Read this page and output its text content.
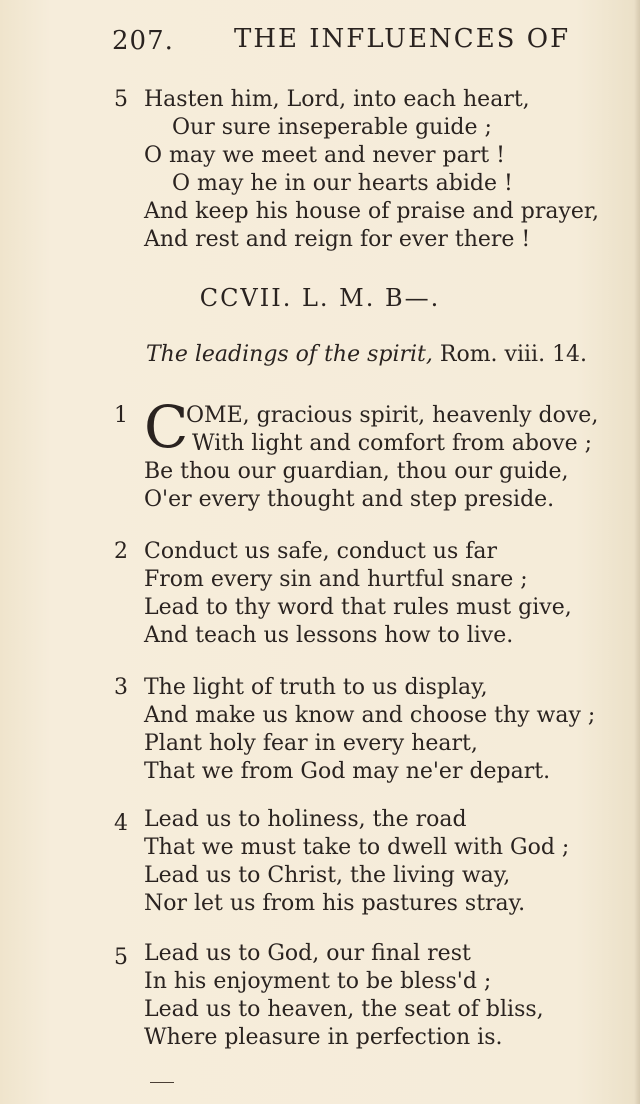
207. THE INFLUENCES OF
5 Hasten him, Lord, into each heart,
Our sure inseperable guide ;
O may we meet and never part !
O may he in our hearts abide !
And keep his house of praise and prayer,
And rest and reign for ever there !
CCVII. L. M. B—.
The leadings of the spirit, Rom. viii. 14.
1 C
OME, gracious spirit, heavenly dove,
With light and comfort from above ;
Be thou our guardian, thou our guide,
O'er every thought and step preside.
2 Conduct us safe, conduct us far
From every sin and hurtful snare ;
Lead to thy word that rules must give,
And teach us lessons how to live.
3 The light of truth to us display,
And make us know and choose thy way ;
Plant holy fear in every heart,
That we from God may ne'er depart.
4 Lead us to holiness, the road
That we must take to dwell with God ;
Lead us to Christ, the living way,
Nor let us from his pastures stray.
5 Lead us to God, our final rest
In his enjoyment to be bless'd ;
Lead us to heaven, the seat of bliss,
Where pleasure in perfection is.
